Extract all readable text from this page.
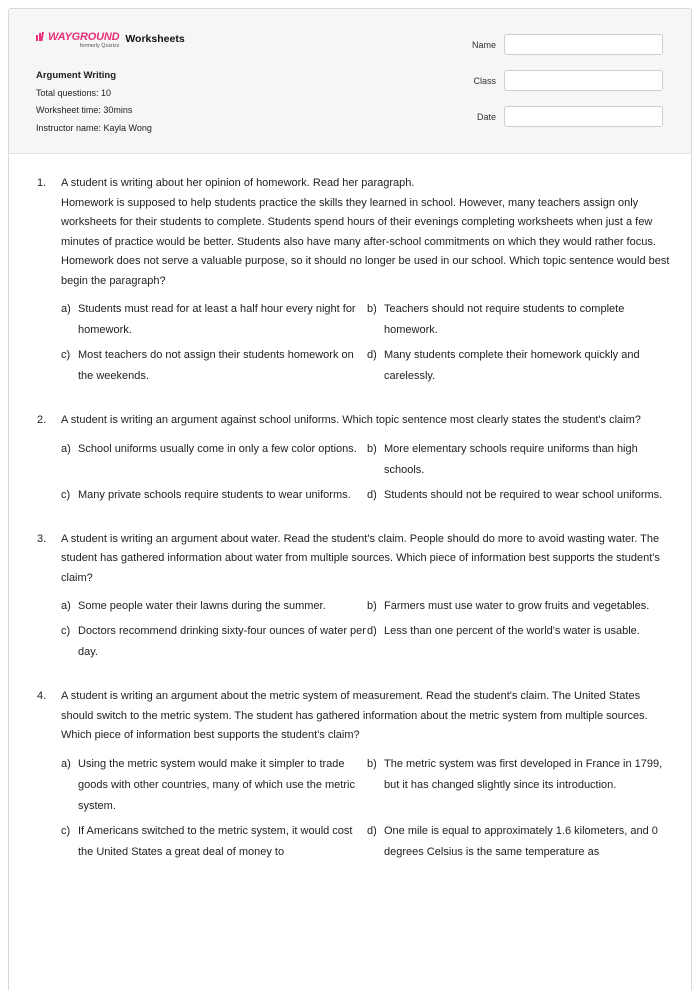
WAYGROUND
formerly Quizizz
Worksheets
Argument Writing
Total questions: 10
Worksheet time: 30mins
Instructor name: Kayla Wong
Name
Class
Date
1.	A student is writing about her opinion of homework. Read her paragraph.
Homework is supposed to help students practice the skills they learned in school. However, many teachers assign only worksheets for their students to complete. Students spend hours of their evenings completing worksheets when just a few minutes of practice would be better. Students also have many after-school commitments on which they would rather focus. Homework does not serve a valuable purpose, so it should no longer be used in our school. Which topic sentence would best begin the paragraph?
a) Students must read for at least a half hour every night for homework.
b) Teachers should not require students to complete homework.
c) Most teachers do not assign their students homework on the weekends.
d) Many students complete their homework quickly and carelessly.
2.	A student is writing an argument against school uniforms. Which topic sentence most clearly states the student's claim?
a) School uniforms usually come in only a few color options. b) More elementary schools require uniforms than high schools.
c) Many private schools require students to wear uniforms.	d) Students should not be required to wear school uniforms.
3.	A student is writing an argument about water. Read the student's claim. People should do more to avoid wasting water. The student has gathered information about water from multiple sources. Which piece of information best supports the student's claim?
a) Some people water their lawns during the summer.	b) Farmers must use water to grow fruits and vegetables.
c) Doctors recommend drinking sixty-four ounces of water per day.
d) Less than one percent of the world's water is usable.
4.	A student is writing an argument about the metric system of measurement. Read the student's claim. The United States should switch to the metric system. The student has gathered information about the metric system from multiple sources. Which piece of information best supports the student's claim?
a) Using the metric system would make it simpler to trade goods with other countries, many of which use the metric system.
b) The metric system was first developed in France in 1799, but it has changed slightly since its introduction.
c) If Americans switched to the metric system, it would cost the United States a great deal of money to
d) One mile is equal to approximately 1.6 kilometers, and 0 degrees Celsius is the same temperature as
